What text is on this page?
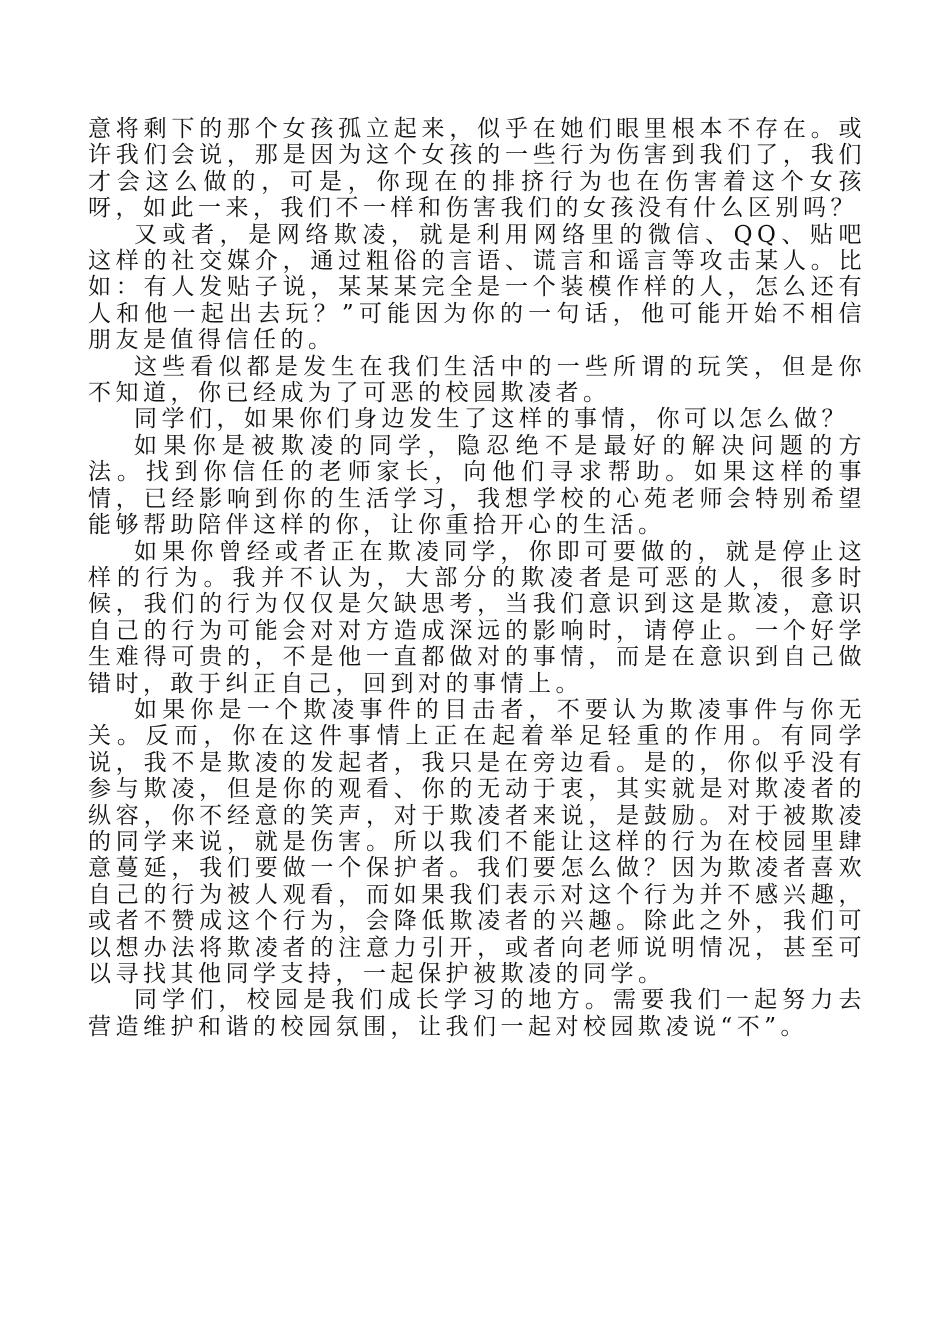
意将剩下的那个女孩孤立起来，似乎在她们眼里根本不存在。或许我们会说，那是因为这个女孩的一些行为伤害到我们了，我们才会这么做的，可是，你现在的排挤行为也在伤害着这个女孩呀，如此一来，我们不一样和伤害我们的女孩没有什么区别吗？

又或者，是网络欺凌，就是利用网络里的微信、QQ、贴吧这样的社交媒介，通过粗俗的言语、谎言和谣言等攻击某人。比如：有人发贴子说，某某某完全是一个装模作样的人，怎么还有人和他一起出去玩？”可能因为你的一句话，他可能开始不相信朋友是值得信任的。

这些看似都是发生在我们生活中的一些所谓的玩笑，但是你不知道，你已经成为了可恶的校园欺凌者。

同学们，如果你们身边发生了这样的事情，你可以怎么做？

如果你是被欺凌的同学，隐忍绝不是最好的解决问题的方法。找到你信任的老师家长，向他们寻求帮助。如果这样的事情，已经影响到你的生活学习，我想学校的心苑老师会特别希望能够帮助陪伴这样的你，让你重拾开心的生活。

如果你曾经或者正在欺凌同学，你即可要做的，就是停止这样的行为。我并不认为，大部分的欺凌者是可恶的人，很多时候，我们的行为仅仅是欠缺思考，当我们意识到这是欺凌，意识自己的行为可能会对对方造成深远的影响时，请停止。一个好学生难得可贵的，不是他一直都做对的事情，而是在意识到自己做错时，敢于纠正自己，回到对的事情上。

如果你是一个欺凌事件的目击者，不要认为欺凌事件与你无关。反而，你在这件事情上正在起着举足轻重的作用。有同学说，我不是欺凌的发起者，我只是在旁边看。是的，你似乎没有参与欺凌，但是你的观看、你的无动于衷，其实就是对欺凌者的纵容，你不经意的笑声，对于欺凌者来说，是鼓励。对于被欺凌的同学来说，就是伤害。所以我们不能让这样的行为在校园里肆意蔓延，我们要做一个保护者。我们要怎么做？因为欺凌者喜欢自己的行为被人观看，而如果我们表示对这个行为并不感兴趣，或者不赞成这个行为，会降低欺凌者的兴趣。除此之外，我们可以想办法将欺凌者的注意力引开，或者向老师说明情况，甚至可以寻找其他同学支持，一起保护被欺凌的同学。

同学们，校园是我们成长学习的地方。需要我们一起努力去营造维护和谐的校园氛围，让我们一起对校园欺凌说“不”。
